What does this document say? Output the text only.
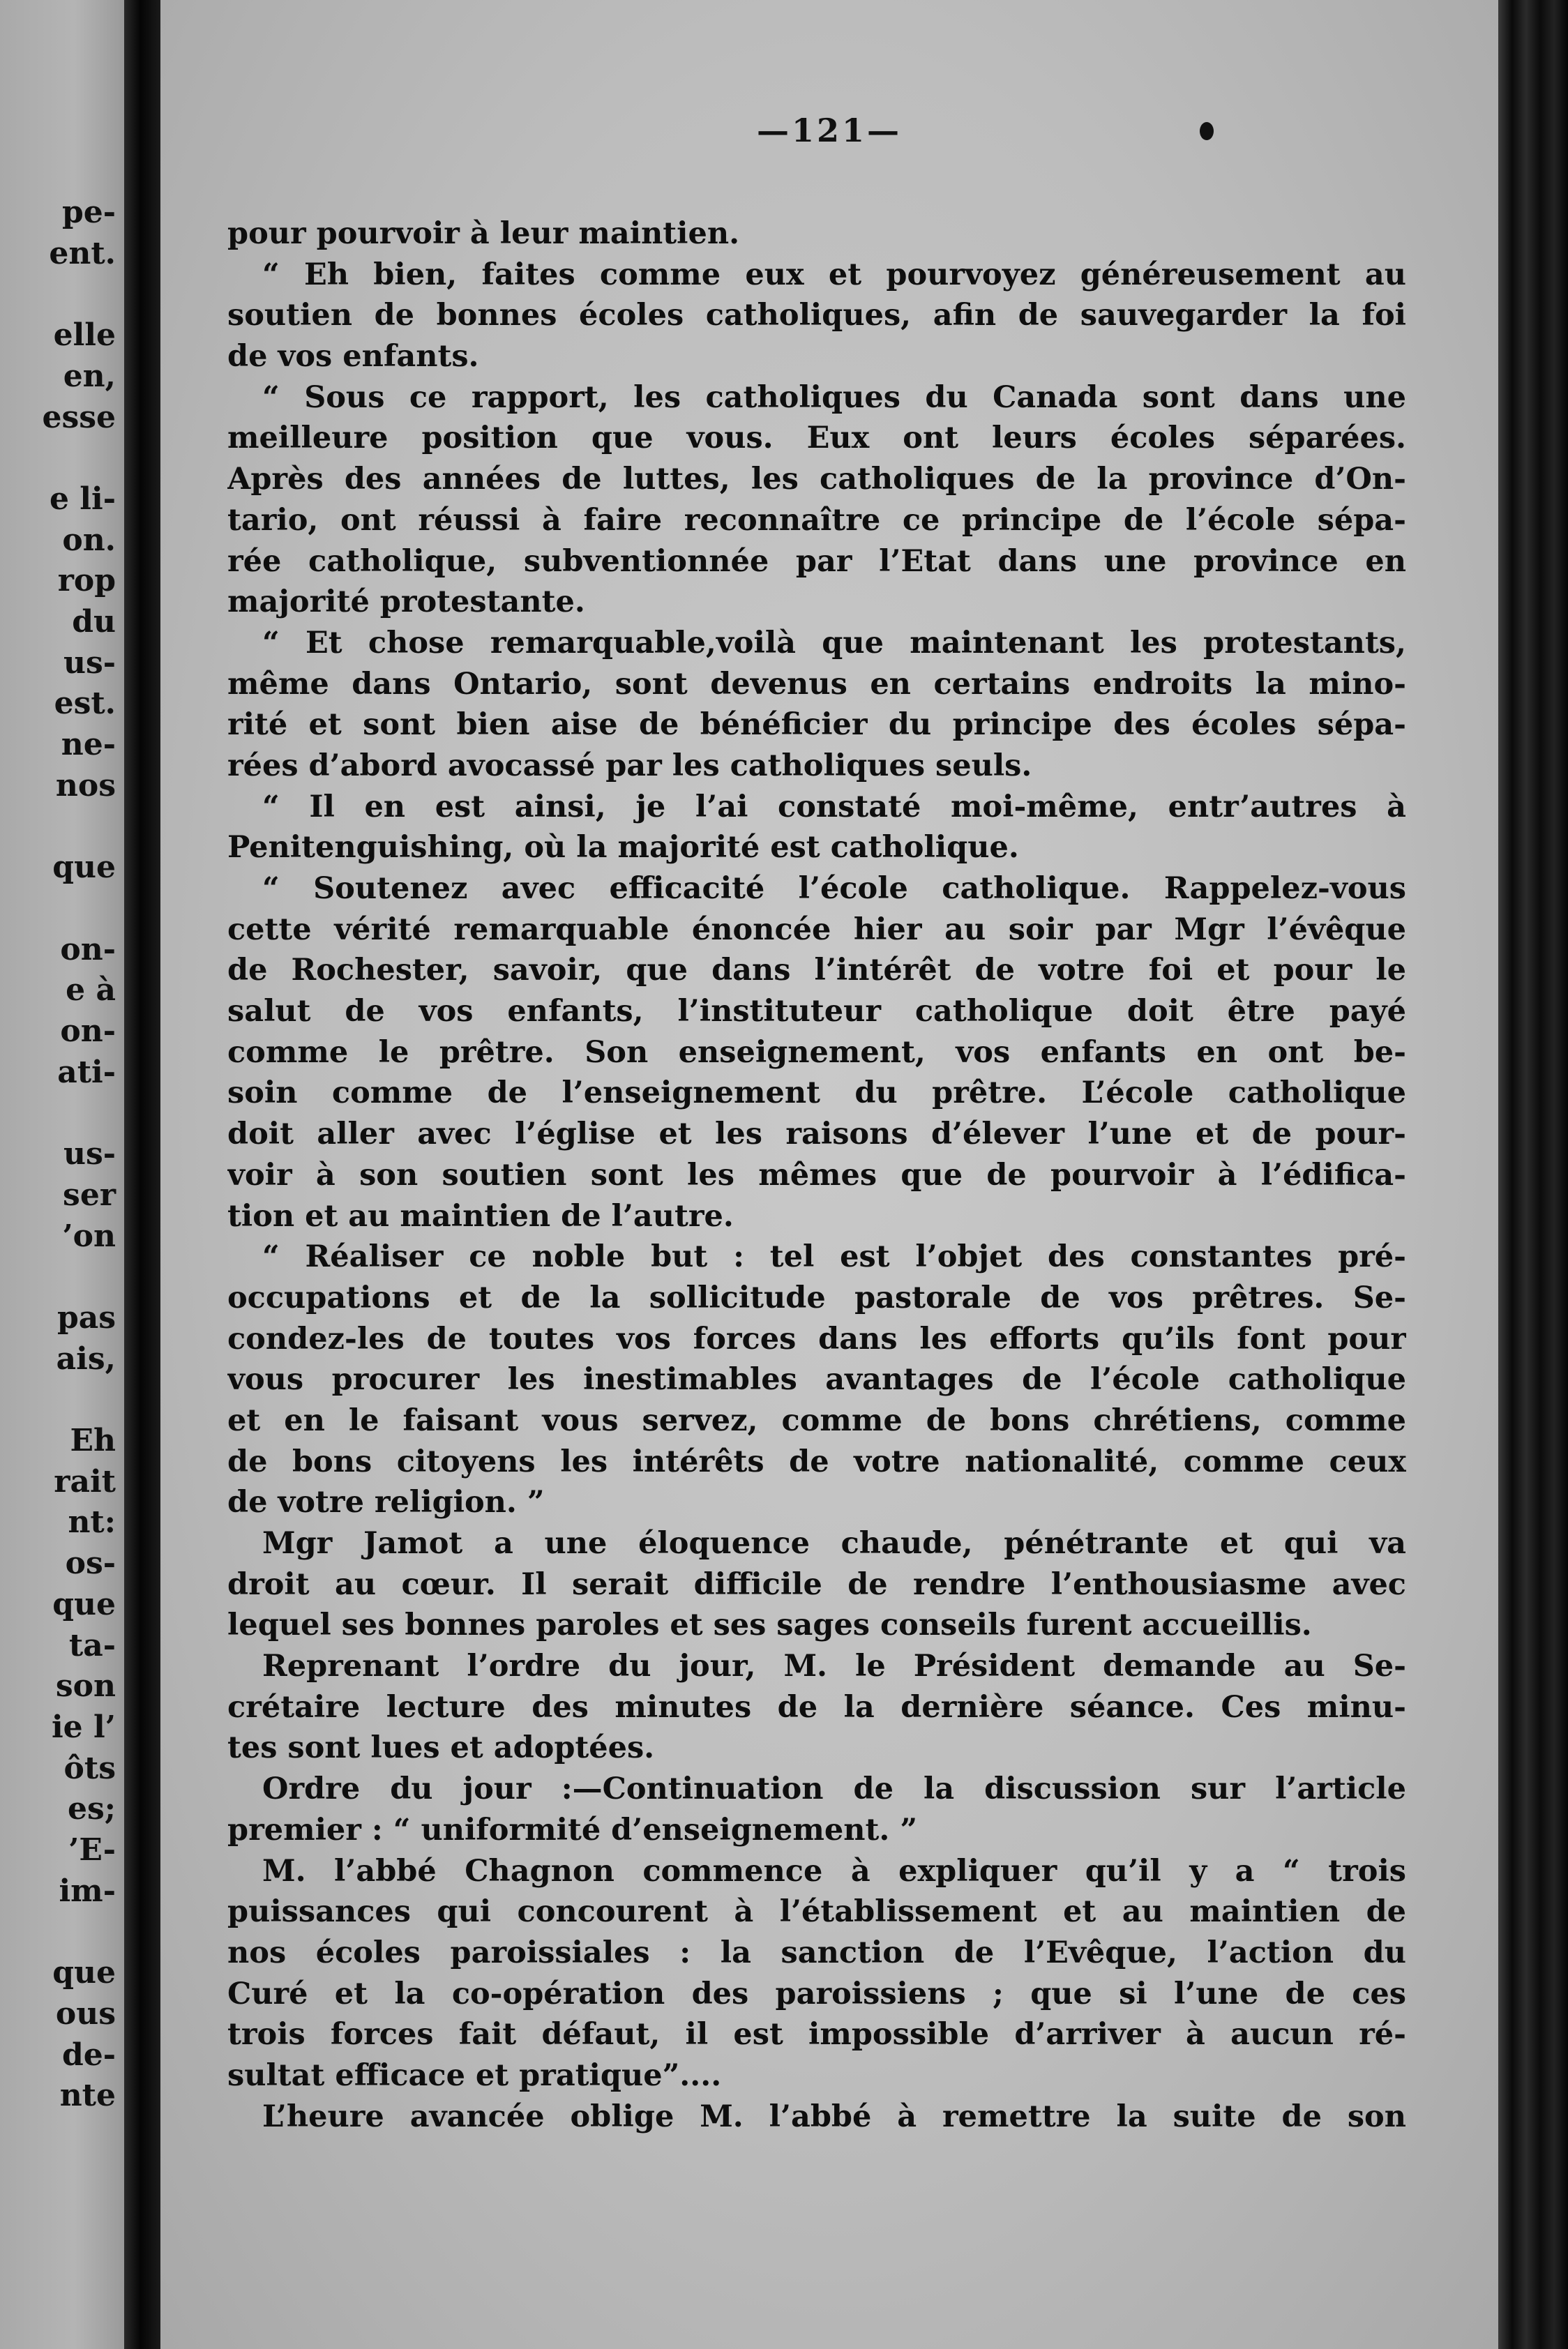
pe-
ent.
elle
en,
esse
e li-
on.
rop
du
us-
est.
ne-
nos
que
on-
e à
on-
ati-
us-
ser
’on
pas
ais,
Eh
rait
nt:
os-
que
ta-
son
ie l’
ôts
es;
’E-
im-
que
ous
de-
nte
—121—
pour pourvoir à leur maintien.
“ Eh bien, faites comme eux et pourvoyez généreusement au
soutien de bonnes écoles catholiques, afin de sauvegarder la foi
de vos enfants.
“ Sous ce rapport, les catholiques du Canada sont dans une
meilleure position que vous. Eux ont leurs écoles séparées.
Après des années de luttes, les catholiques de la province d’On-
tario, ont réussi à faire reconnaître ce principe de l’école sépa-
rée catholique, subventionnée par l’Etat dans une province en
majorité protestante.
“ Et chose remarquable,voilà que maintenant les protestants,
même dans Ontario, sont devenus en certains endroits la mino-
rité et sont bien aise de bénéficier du principe des écoles sépa-
rées d’abord avocassé par les catholiques seuls.
“ Il en est ainsi, je l’ai constaté moi-même, entr’autres à
Penitenguishing, où la majorité est catholique.
“ Soutenez avec efficacité l’école catholique. Rappelez-vous
cette vérité remarquable énoncée hier au soir par Mgr l’évêque
de Rochester, savoir, que dans l’intérêt de votre foi et pour le
salut de vos enfants, l’instituteur catholique doit être payé
comme le prêtre. Son enseignement, vos enfants en ont be-
soin comme de l’enseignement du prêtre. L’école catholique
doit aller avec l’église et les raisons d’élever l’une et de pour-
voir à son soutien sont les mêmes que de pourvoir à l’édifica-
tion et au maintien de l’autre.
“ Réaliser ce noble but : tel est l’objet des constantes pré-
occupations et de la sollicitude pastorale de vos prêtres. Se-
condez-les de toutes vos forces dans les efforts qu’ils font pour
vous procurer les inestimables avantages de l’école catholique
et en le faisant vous servez, comme de bons chrétiens, comme
de bons citoyens les intérêts de votre nationalité, comme ceux
de votre religion. ”
Mgr Jamot a une éloquence chaude, pénétrante et qui va
droit au cœur. Il serait difficile de rendre l’enthousiasme avec
lequel ses bonnes paroles et ses sages conseils furent accueillis.
Reprenant l’ordre du jour, M. le Président demande au Se-
crétaire lecture des minutes de la dernière séance. Ces minu-
tes sont lues et adoptées.
Ordre du jour :—Continuation de la discussion sur l’article
premier : “ uniformité d’enseignement. ”
M. l’abbé Chagnon commence à expliquer qu’il y a “ trois
puissances qui concourent à l’établissement et au maintien de
nos écoles paroissiales : la sanction de l’Evêque, l’action du
Curé et la co-opération des paroissiens ; que si l’une de ces
trois forces fait défaut, il est impossible d’arriver à aucun ré-
sultat efficace et pratique”....
L’heure avancée oblige M. l’abbé à remettre la suite de son
